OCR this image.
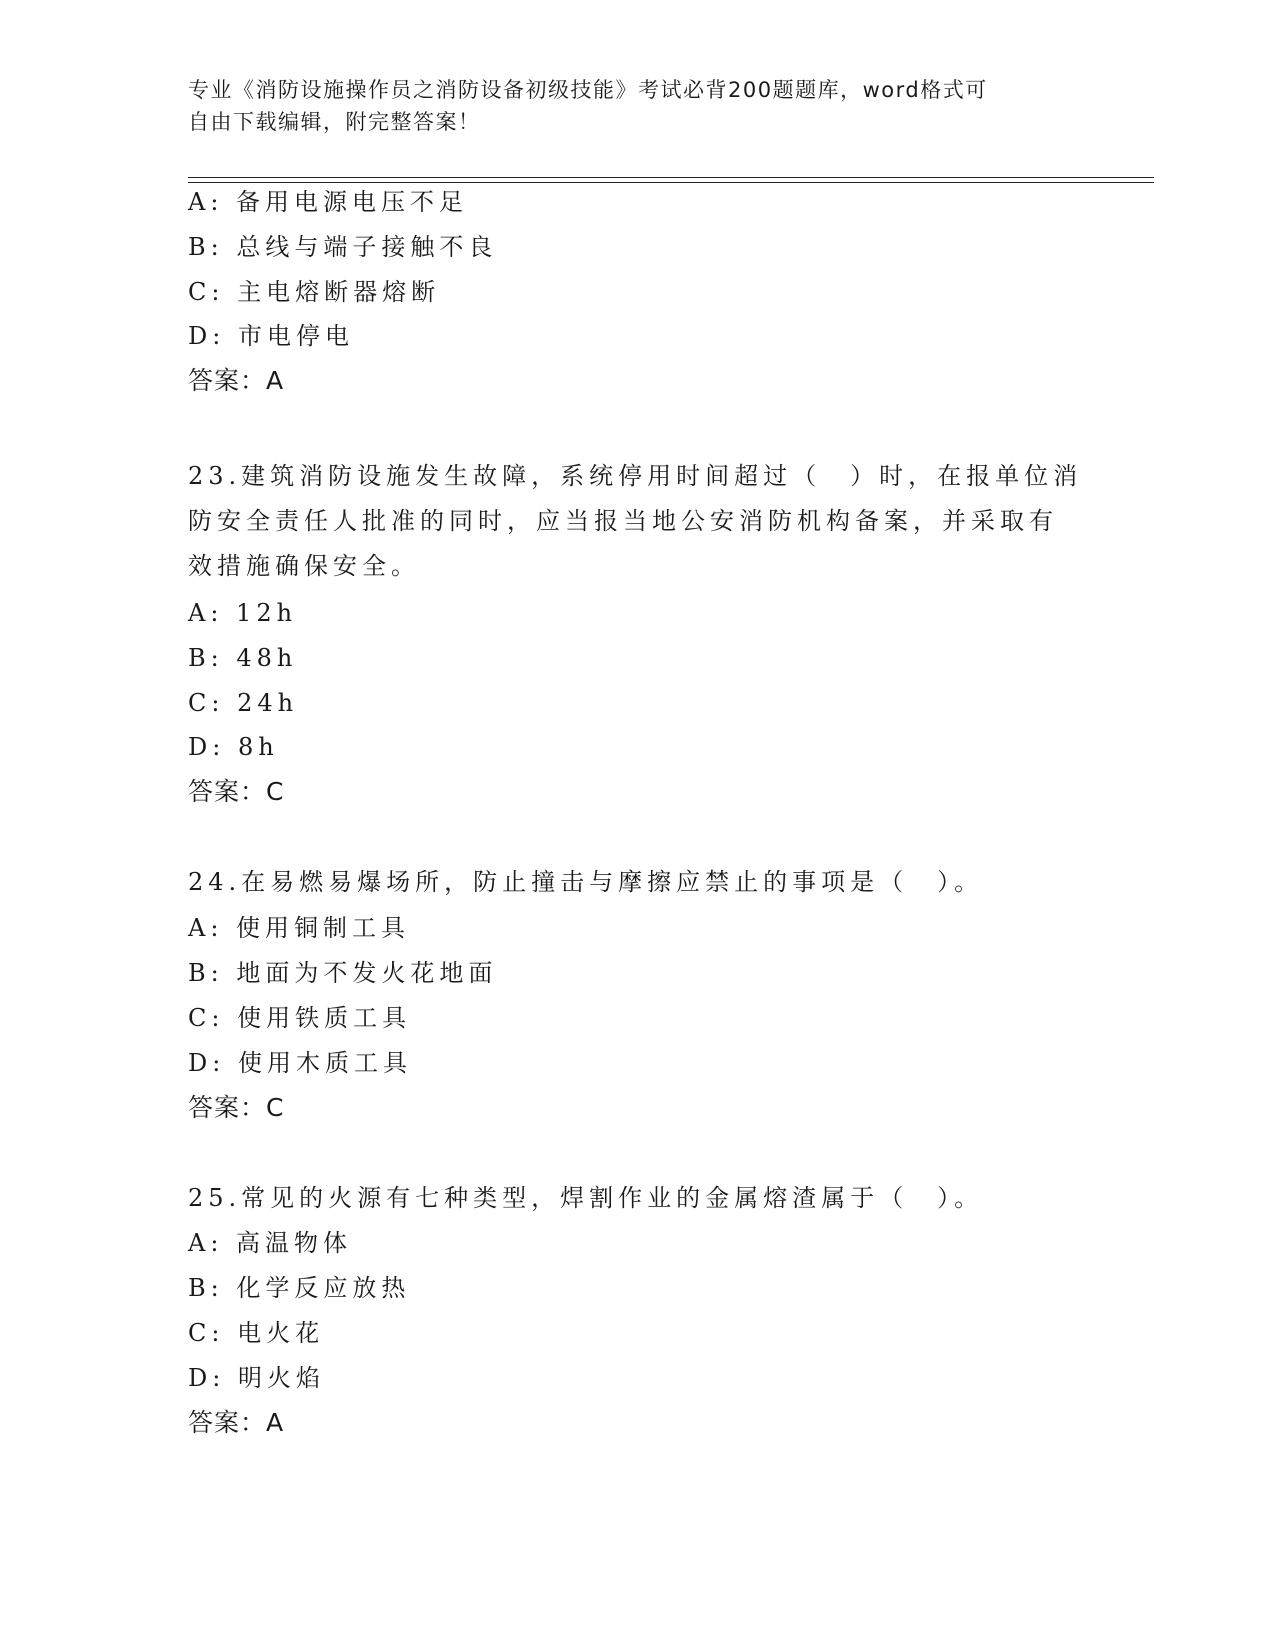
专业《消防设施操作员之消防设备初级技能》考试必背200题题库，word格式可
自由下载编辑，附完整答案！
A: 备用电源电压不足
B: 总线与端子接触不良
C: 主电熔断器熔断
D: 市电停电
答案：A
23.建筑消防设施发生故障，系统停用时间超过（　）时，在报单位消
防安全责任人批准的同时，应当报当地公安消防机构备案，并采取有
效措施确保安全。
A: 12h
B: 48h
C: 24h
D: 8h
答案：C
24.在易燃易爆场所，防止撞击与摩擦应禁止的事项是（　）。
A: 使用铜制工具
B: 地面为不发火花地面
C: 使用铁质工具
D: 使用木质工具
答案：C
25.常见的火源有七种类型，焊割作业的金属熔渣属于（　）。
A: 高温物体
B: 化学反应放热
C: 电火花
D: 明火焰
答案：A
